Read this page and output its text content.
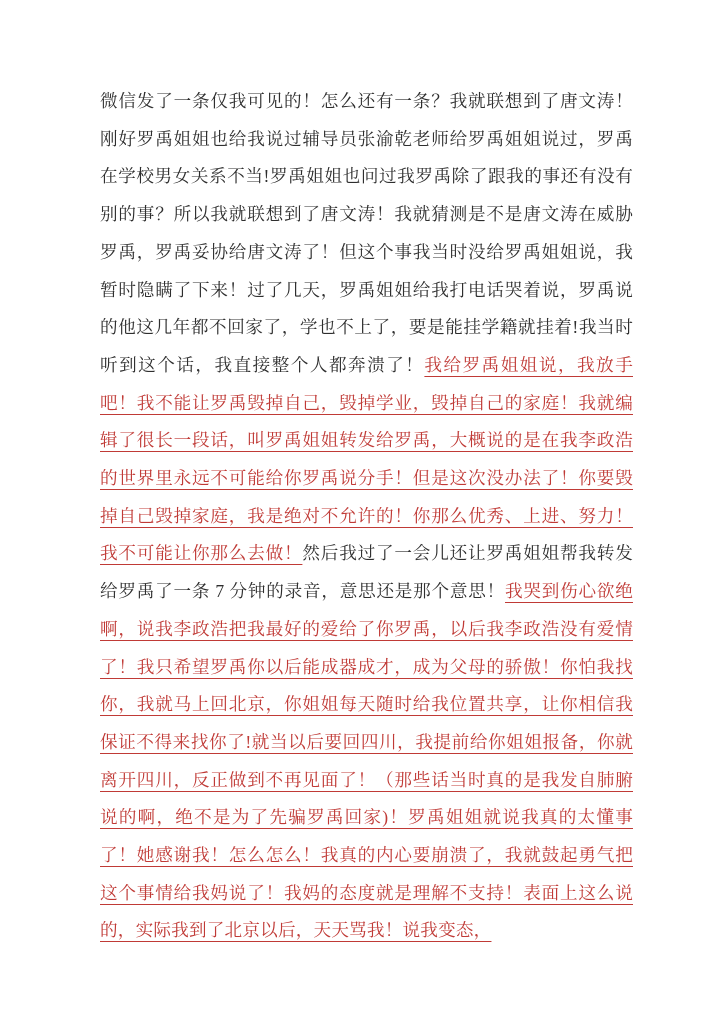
微信发了一条仅我可见的！怎么还有一条？我就联想到了唐文涛！刚好罗禹姐姐也给我说过辅导员张渝乾老师给罗禹姐姐说过，罗禹在学校男女关系不当!罗禹姐姐也问过我罗禹除了跟我的事还有没有别的事？所以我就联想到了唐文涛！我就猜测是不是唐文涛在威胁罗禹，罗禹妥协给唐文涛了！但这个事我当时没给罗禹姐姐说，我暂时隐瞒了下来！过了几天，罗禹姐姐给我打电话哭着说，罗禹说的他这几年都不回家了，学也不上了，要是能挂学籍就挂着!我当时听到这个话，我直接整个人都奔溃了！我给罗禹姐姐说，我放手吧！我不能让罗禹毁掉自己，毁掉学业，毁掉自己的家庭！我就编辑了很长一段话，叫罗禹姐姐转发给罗禹，大概说的是在我李政浩的世界里永远不可能给你罗禹说分手！但是这次没办法了！你要毁掉自己毁掉家庭，我是绝对不允许的！你那么优秀、上进、努力！我不可能让你那么去做！然后我过了一会儿还让罗禹姐姐帮我转发给罗禹了一条 7 分钟的录音，意思还是那个意思！我哭到伤心欲绝啊，说我李政浩把我最好的爱给了你罗禹，以后我李政浩没有爱情了！我只希望罗禹你以后能成器成才，成为父母的骄傲！你怕我找你，我就马上回北京，你姐姐每天随时给我位置共享，让你相信我保证不得来找你了!就当以后要回四川，我提前给你姐姐报备，你就离开四川，反正做到不再见面了！（那些话当时真的是我发自肺腑说的啊，绝不是为了先骗罗禹回家)！罗禹姐姐就说我真的太懂事了！她感谢我！怎么怎么！我真的内心要崩溃了，我就鼓起勇气把这个事情给我妈说了！我妈的态度就是理解不支持！表面上这么说的，实际我到了北京以后，天天骂我！说我变态，
